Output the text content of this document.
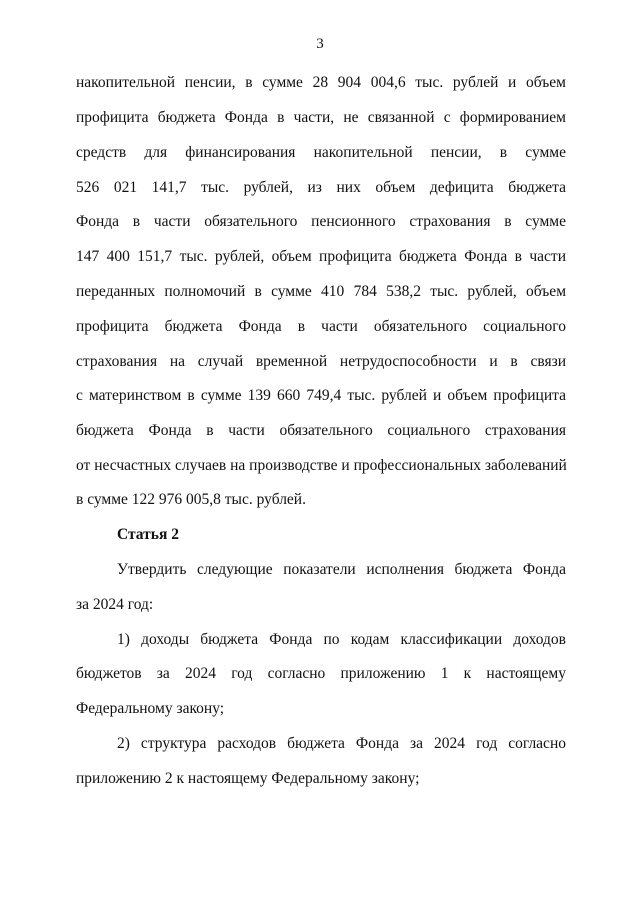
3
накопительной пенсии, в сумме 28 904 004,6 тыс. рублей и объем
профицита бюджета Фонда в части, не связанной с формированием
средств для финансирования накопительной пенсии, в сумме
526 021 141,7 тыс. рублей, из них объем дефицита бюджета
Фонда в части обязательного пенсионного страхования в сумме
147 400 151,7 тыс. рублей, объем профицита бюджета Фонда в части
переданных полномочий в сумме 410 784 538,2 тыс. рублей, объем
профицита бюджета Фонда в части обязательного социального
страхования на случай временной нетрудоспособности и в связи
с материнством в сумме 139 660 749,4 тыс. рублей и объем профицита
бюджета Фонда в части обязательного социального страхования
от несчастных случаев на производстве и профессиональных заболеваний
в сумме 122 976 005,8 тыс. рублей.
Статья 2
Утвердить следующие показатели исполнения бюджета Фонда
за 2024 год:
1) доходы бюджета Фонда по кодам классификации доходов
бюджетов за 2024 год согласно приложению 1 к настоящему
Федеральному закону;
2) структура расходов бюджета Фонда за 2024 год согласно
приложению 2 к настоящему Федеральному закону;
